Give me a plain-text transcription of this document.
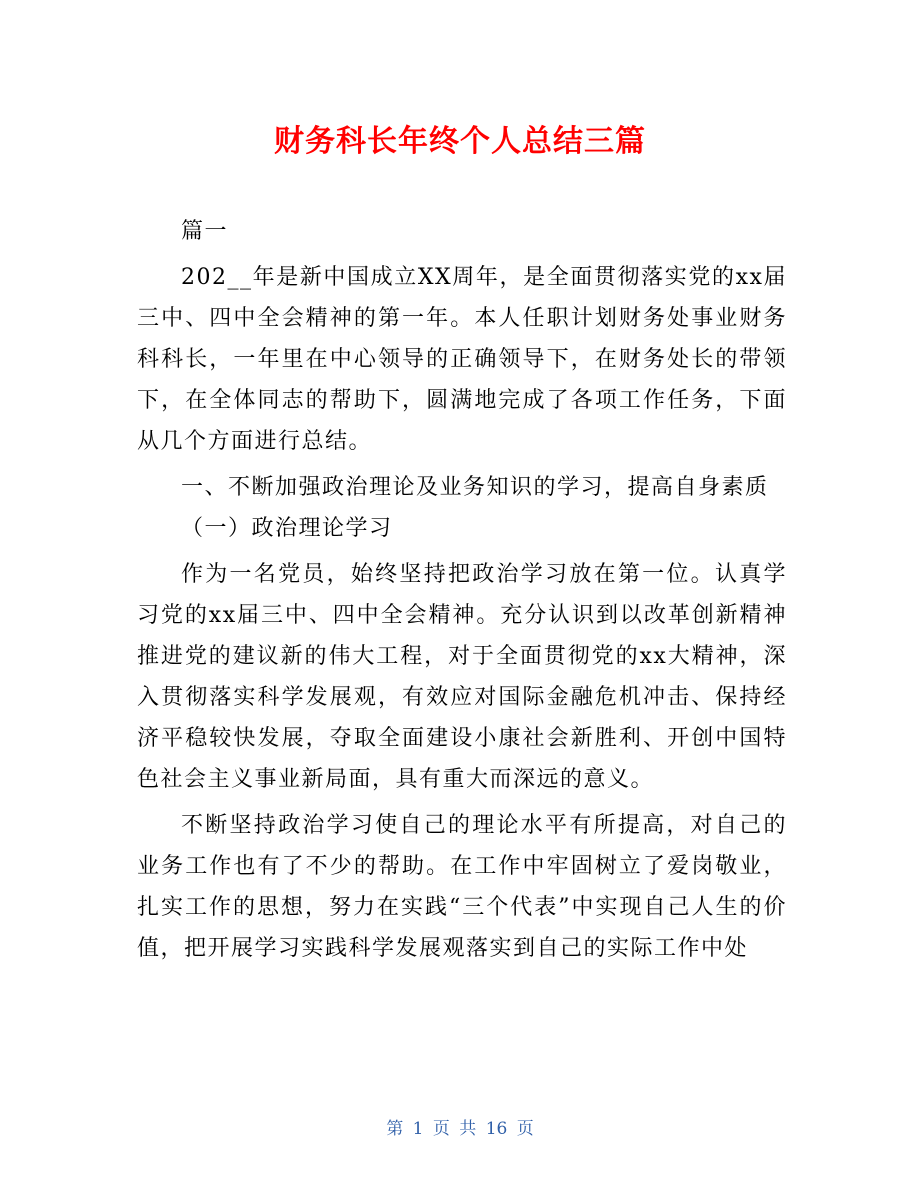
财务科长年终个人总结三篇

篇一

202__年是新中国成立XX周年，是全面贯彻落实党的xx届三中、四中全会精神的第一年。本人任职计划财务处事业财务科科长，一年里在中心领导的正确领导下，在财务处长的带领下，在全体同志的帮助下，圆满地完成了各项工作任务，下面从几个方面进行总结。

一、不断加强政治理论及业务知识的学习，提高自身素质

（一）政治理论学习

作为一名党员，始终坚持把政治学习放在第一位。认真学习党的xx届三中、四中全会精神。充分认识到以改革创新精神推进党的建议新的伟大工程，对于全面贯彻党的xx大精神，深入贯彻落实科学发展观，有效应对国际金融危机冲击、保持经济平稳较快发展，夺取全面建设小康社会新胜利、开创中国特色社会主义事业新局面，具有重大而深远的意义。

不断坚持政治学习使自己的理论水平有所提高，对自己的业务工作也有了不少的帮助。在工作中牢固树立了爱岗敬业，扎实工作的思想，努力在实践“三个代表”中实现自己人生的价值，把开展学习实践科学发展观落实到自己的实际工作中处

第 1 页 共 16 页
